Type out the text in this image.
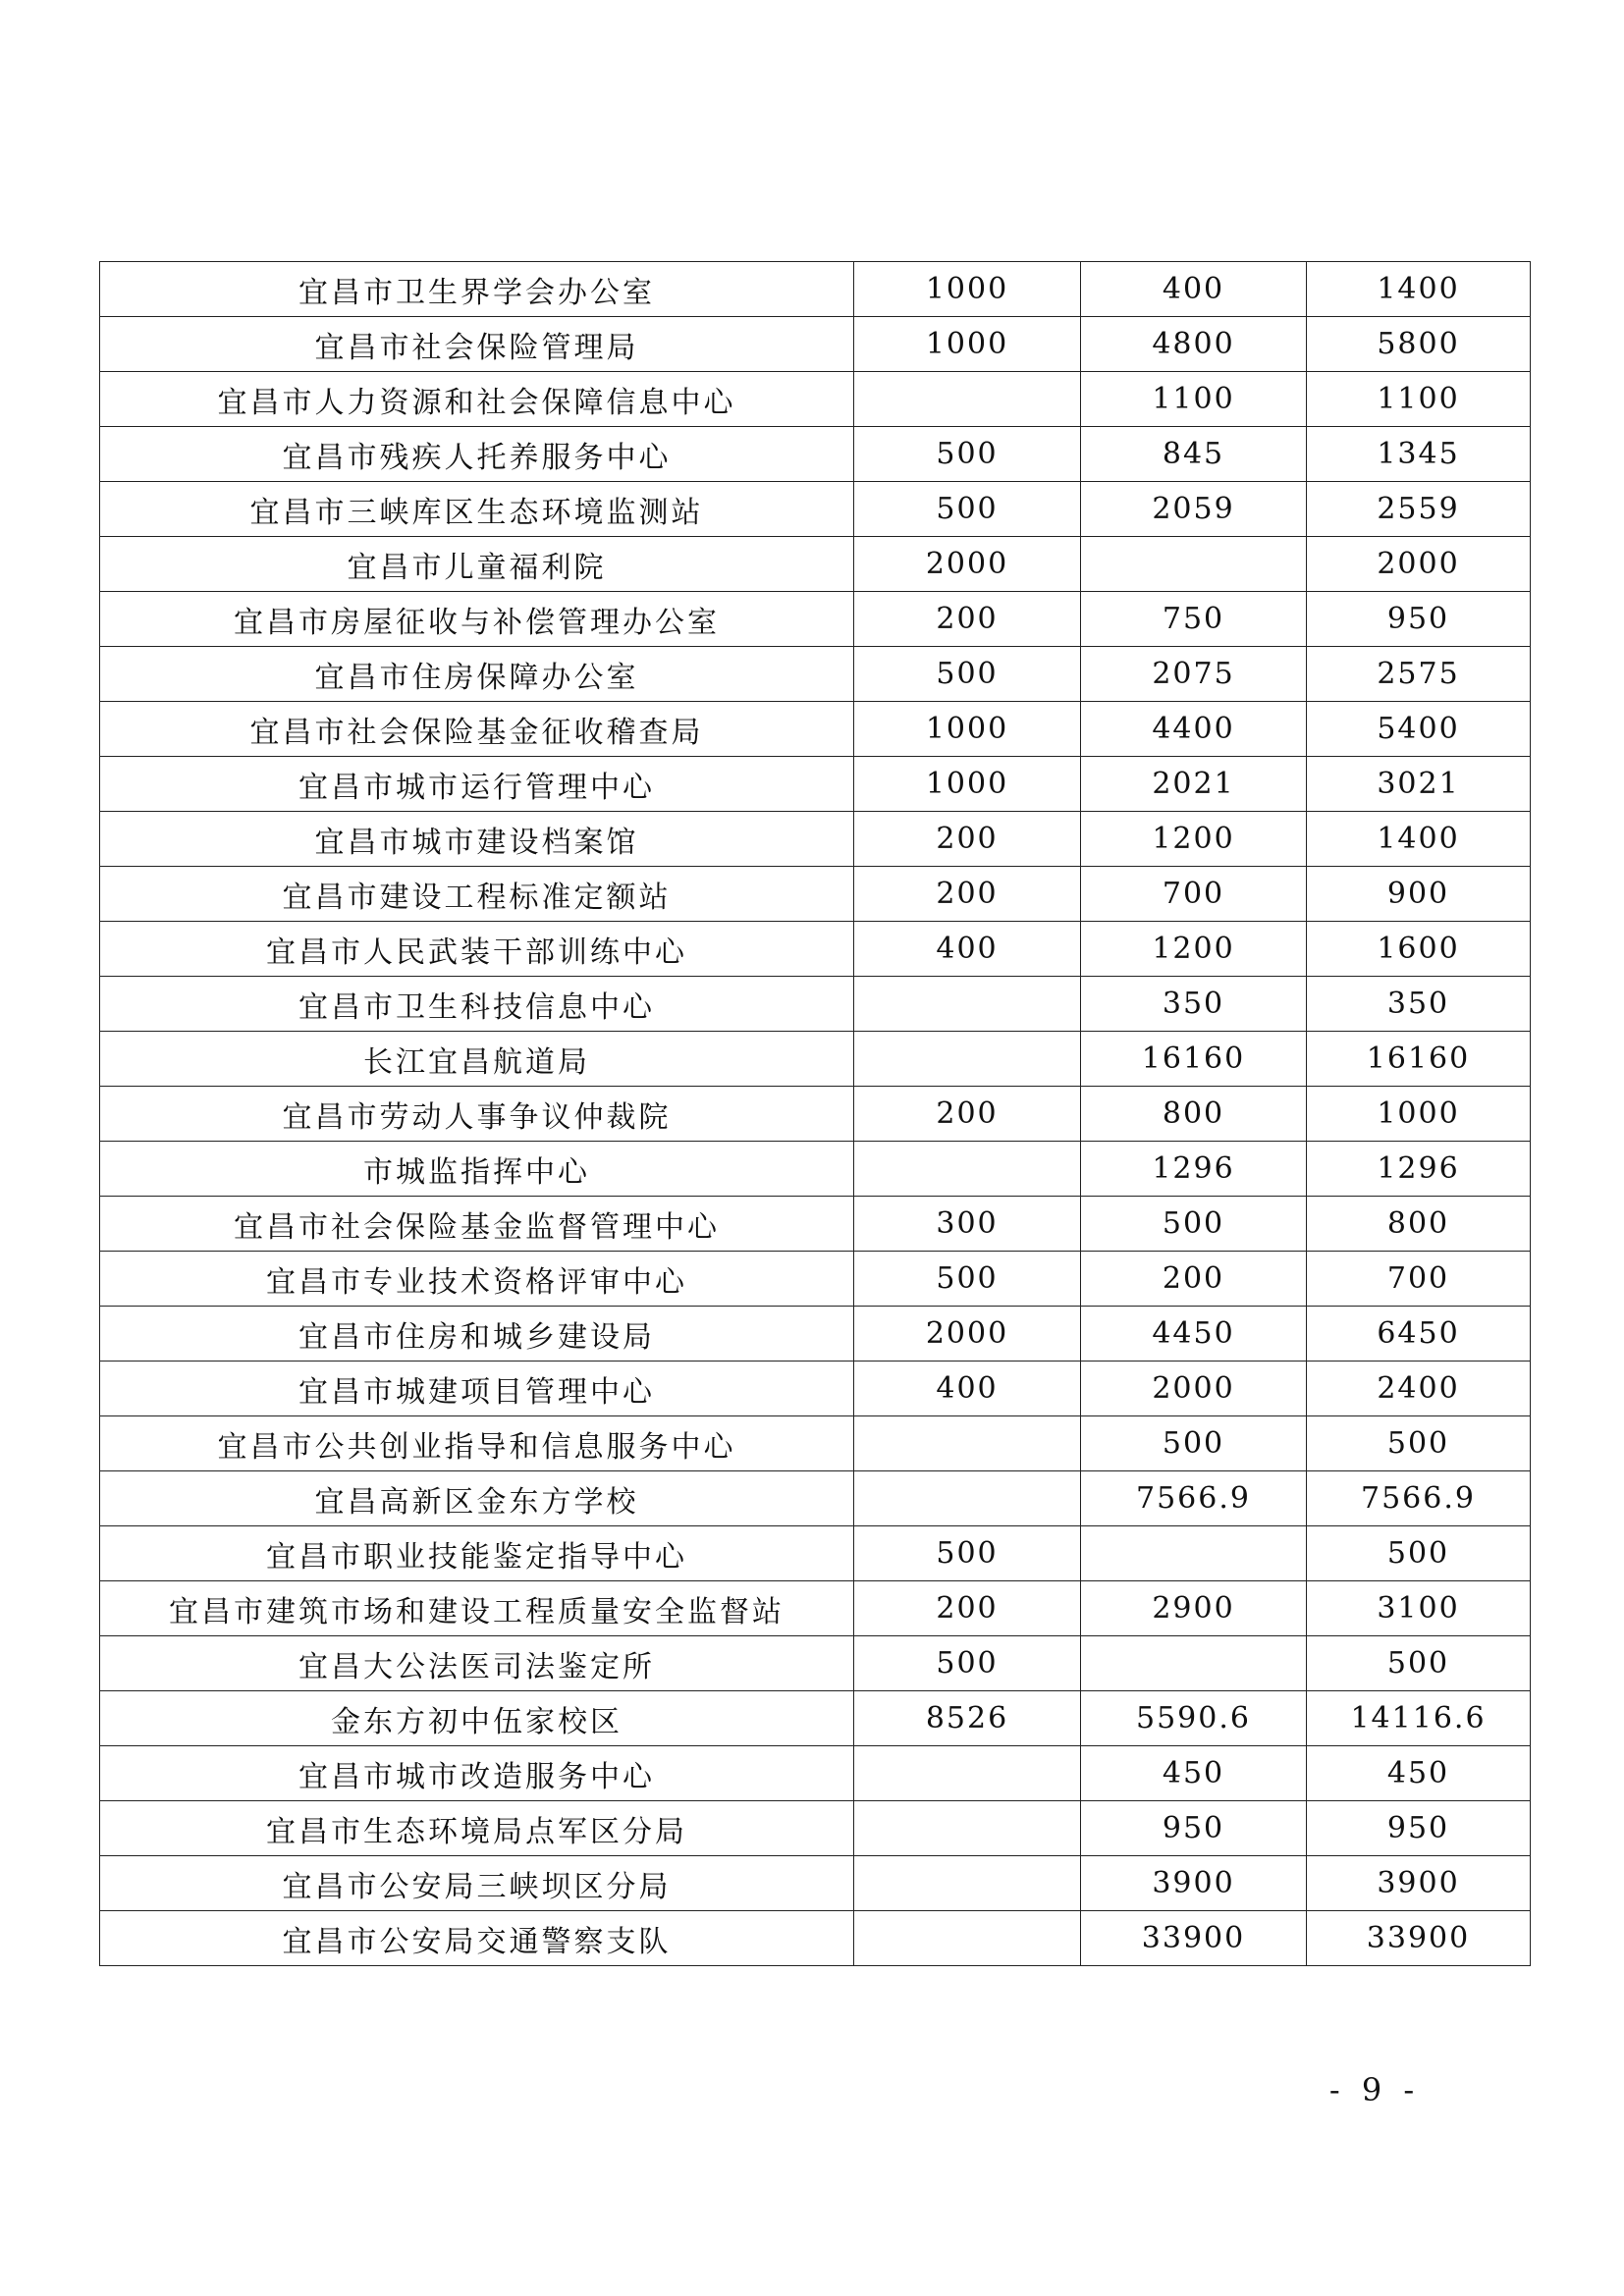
宜昌市卫生界学会办公室	1000	400	1400
宜昌市社会保险管理局	1000	4800	5800
宜昌市人力资源和社会保障信息中心		1100	1100
宜昌市残疾人托养服务中心	500	845	1345
宜昌市三峡库区生态环境监测站	500	2059	2559
宜昌市儿童福利院	2000		2000
宜昌市房屋征收与补偿管理办公室	200	750	950
宜昌市住房保障办公室	500	2075	2575
宜昌市社会保险基金征收稽查局	1000	4400	5400
宜昌市城市运行管理中心	1000	2021	3021
宜昌市城市建设档案馆	200	1200	1400
宜昌市建设工程标准定额站	200	700	900
宜昌市人民武装干部训练中心	400	1200	1600
宜昌市卫生科技信息中心		350	350
长江宜昌航道局		16160	16160
宜昌市劳动人事争议仲裁院	200	800	1000
市城监指挥中心		1296	1296
宜昌市社会保险基金监督管理中心	300	500	800
宜昌市专业技术资格评审中心	500	200	700
宜昌市住房和城乡建设局	2000	4450	6450
宜昌市城建项目管理中心	400	2000	2400
宜昌市公共创业指导和信息服务中心		500	500
宜昌高新区金东方学校		7566.9	7566.9
宜昌市职业技能鉴定指导中心	500		500
宜昌市建筑市场和建设工程质量安全监督站	200	2900	3100
宜昌大公法医司法鉴定所	500		500
金东方初中伍家校区	8526	5590.6	14116.6
宜昌市城市改造服务中心		450	450
宜昌市生态环境局点军区分局		950	950
宜昌市公安局三峡坝区分局		3900	3900
宜昌市公安局交通警察支队		33900	33900
- 9 -
